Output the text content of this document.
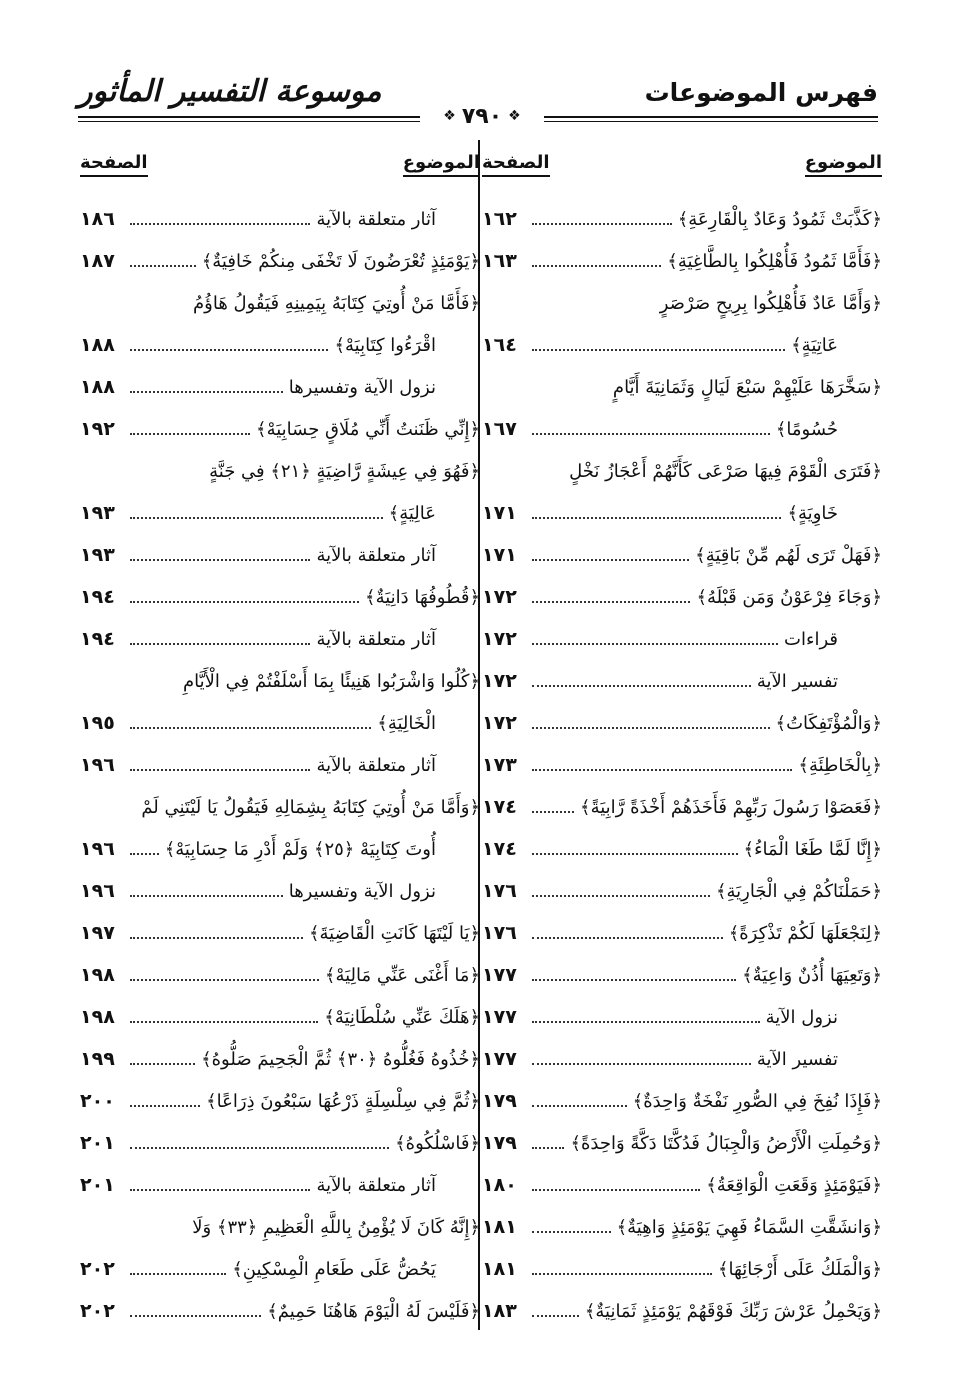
فهرس الموضوعات
موسوعة التفسير المأثور
❖ ٧٩٠ ❖
الموضوع
الصفحة
﴿كَذَّبَتْ ثَمُودُ وَعَادٌ بِالْقَارِعَةِ﴾
١٦٢
﴿فَأَمَّا ثَمُودُ فَأُهْلِكُوا بِالطَّاغِيَةِ﴾
١٦٣
﴿وَأَمَّا عَادٌ فَأُهْلِكُوا بِرِيحٍ صَرْصَرٍ
عَاتِيَةٍ﴾
١٦٤
﴿سَخَّرَهَا عَلَيْهِمْ سَبْعَ لَيَالٍ وَثَمَانِيَةَ أَيَّامٍ
حُسُومًا﴾
١٦٧
﴿فَتَرَى الْقَوْمَ فِيهَا صَرْعَى كَأَنَّهُمْ أَعْجَازُ نَخْلٍ
خَاوِيَةٍ﴾
١٧١
﴿فَهَلْ تَرَى لَهُم مِّنْ بَاقِيَةٍ﴾
١٧١
﴿وَجَاءَ فِرْعَوْنُ وَمَن قَبْلَهُ﴾
١٧٢
قراءات
١٧٢
تفسير الآية
١٧٢
﴿وَالْمُؤْتَفِكَاتُ﴾
١٧٢
﴿بِالْخَاطِئَةِ﴾
١٧٣
﴿فَعَصَوْا رَسُولَ رَبِّهِمْ فَأَخَذَهُمْ أَخْذَةً رَّابِيَةً﴾
١٧٤
﴿إِنَّا لَمَّا طَغَا الْمَاءُ﴾
١٧٤
﴿حَمَلْنَاكُمْ فِي الْجَارِيَةِ﴾
١٧٦
﴿لِنَجْعَلَهَا لَكُمْ تَذْكِرَةً﴾
١٧٦
﴿وَتَعِيَهَا أُذُنٌ وَاعِيَةٌ﴾
١٧٧
نزول الآية
١٧٧
تفسير الآية
١٧٧
﴿فَإِذَا نُفِخَ فِي الصُّورِ نَفْخَةٌ وَاحِدَةٌ﴾
١٧٩
﴿وَحُمِلَتِ الْأَرْضُ وَالْجِبَالُ فَدُكَّتَا دَكَّةً وَاحِدَةً﴾
١٧٩
﴿فَيَوْمَئِذٍ وَقَعَتِ الْوَاقِعَةُ﴾
١٨٠
﴿وَانشَقَّتِ السَّمَاءُ فَهِيَ يَوْمَئِذٍ وَاهِيَةٌ﴾
١٨١
﴿وَالْمَلَكُ عَلَى أَرْجَائِهَا﴾
١٨١
﴿وَيَحْمِلُ عَرْشَ رَبِّكَ فَوْقَهُمْ يَوْمَئِذٍ ثَمَانِيَةٌ﴾
١٨٣
الموضوع
الصفحة
آثار متعلقة بالآية
١٨٦
﴿يَوْمَئِذٍ تُعْرَضُونَ لَا تَخْفَى مِنكُمْ خَافِيَةٌ﴾
١٨٧
﴿فَأَمَّا مَنْ أُوتِيَ كِتَابَهُ بِيَمِينِهِ فَيَقُولُ هَاؤُمُ
اقْرَءُوا كِتَابِيَهْ﴾
١٨٨
نزول الآية وتفسيرها
١٨٨
﴿إِنِّي ظَنَنتُ أَنِّي مُلَاقٍ حِسَابِيَهْ﴾
١٩٢
﴿فَهُوَ فِي عِيشَةٍ رَّاضِيَةٍ ﴿٢١﴾ فِي جَنَّةٍ
عَالِيَةٍ﴾
١٩٣
آثار متعلقة بالآية
١٩٣
﴿قُطُوفُهَا دَانِيَةٌ﴾
١٩٤
آثار متعلقة بالآية
١٩٤
﴿كُلُوا وَاشْرَبُوا هَنِيئًا بِمَا أَسْلَفْتُمْ فِي الْأَيَّامِ
الْخَالِيَةِ﴾
١٩٥
آثار متعلقة بالآية
١٩٦
﴿وَأَمَّا مَنْ أُوتِيَ كِتَابَهُ بِشِمَالِهِ فَيَقُولُ يَا لَيْتَنِي لَمْ
أُوتَ كِتَابِيَهْ ﴿٢٥﴾ وَلَمْ أَدْرِ مَا حِسَابِيَهْ﴾
١٩٦
نزول الآية وتفسيرها
١٩٦
﴿يَا لَيْتَهَا كَانَتِ الْقَاضِيَةَ﴾
١٩٧
﴿مَا أَغْنَى عَنِّي مَالِيَهْ﴾
١٩٨
﴿هَلَكَ عَنِّي سُلْطَانِيَهْ﴾
١٩٨
﴿خُذُوهُ فَغُلُّوهُ ﴿٣٠﴾ ثُمَّ الْجَحِيمَ صَلُّوهُ﴾
١٩٩
﴿ثُمَّ فِي سِلْسِلَةٍ ذَرْعُهَا سَبْعُونَ ذِرَاعًا﴾
٢٠٠
﴿فَاسْلُكُوهُ﴾
٢٠١
آثار متعلقة بالآية
٢٠١
﴿إِنَّهُ كَانَ لَا يُؤْمِنُ بِاللَّهِ الْعَظِيمِ ﴿٣٣﴾ وَلَا
يَحُضُّ عَلَى طَعَامِ الْمِسْكِينِ﴾
٢٠٢
﴿فَلَيْسَ لَهُ الْيَوْمَ هَاهُنَا حَمِيمٌ﴾
٢٠٢
